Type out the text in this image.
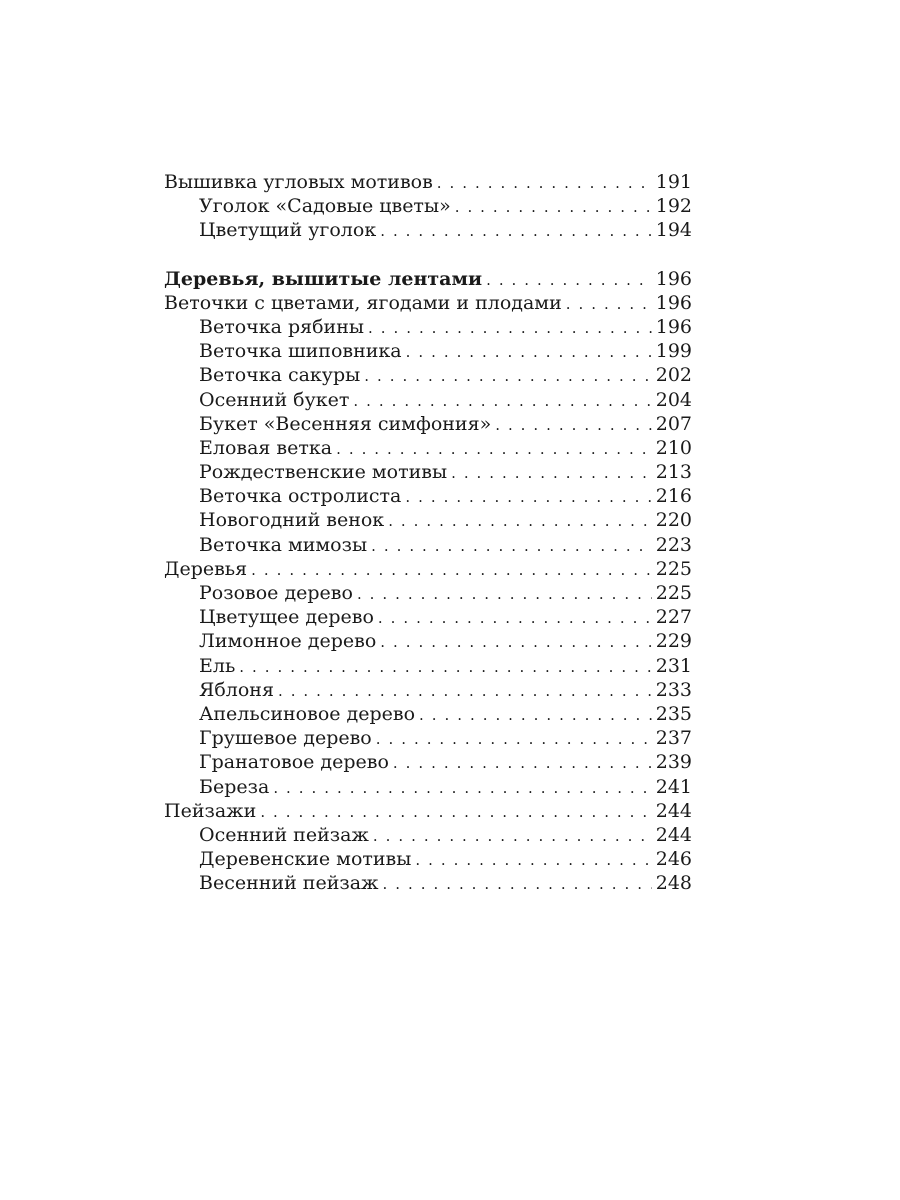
Вышивка угловых мотивов . . .	191
Уголок «Садовые цветы» . . .	192
Цветущий уголок . . .	194
Деревья, вышитые лентами . . .	196
Веточки с цветами, ягодами и плодами . . .	196
Веточка рябины . . .	196
Веточка шиповника . . .	199
Веточка сакуры . . .	202
Осенний букет . . .	204
Букет «Весенняя симфония» . . .	207
Еловая ветка . . .	210
Рождественские мотивы . . .	213
Веточка остролиста . . .	216
Новогодний венок . . .	220
Веточка мимозы . . .	223
Деревья . . .	225
Розовое дерево . . .	225
Цветущее дерево . . .	227
Лимонное дерево . . .	229
Ель . . .	231
Яблоня . . .	233
Апельсиновое дерево . . .	235
Грушевое дерево . . .	237
Гранатовое дерево . . .	239
Береза . . .	241
Пейзажи . . .	244
Осенний пейзаж . . .	244
Деревенские мотивы . . .	246
Весенний пейзаж . . .	248
